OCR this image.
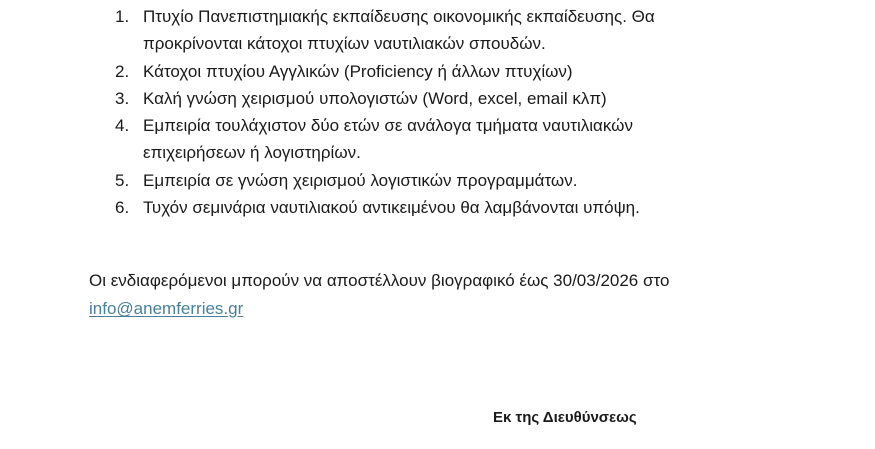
1. Πτυχίο Πανεπιστημιακής εκπαίδευσης οικονομικής εκπαίδευσης. Θα προκρίνονται κάτοχοι πτυχίων ναυτιλιακών σπουδών.
2. Κάτοχοι πτυχίου Αγγλικών (Proficiency ή άλλων πτυχίων)
3. Καλή γνώση χειρισμού υπολογιστών (Word, excel, email κλπ)
4. Εμπειρία τουλάχιστον δύο ετών σε ανάλογα τμήματα ναυτιλιακών επιχειρήσεων ή λογιστηρίων.
5. Εμπειρία σε γνώση χειρισμού λογιστικών προγραμμάτων.
6. Τυχόν σεμινάρια ναυτιλιακού αντικειμένου θα λαμβάνονται υπόψη.

Οι ενδιαφερόμενοι μπορούν να αποστέλλουν βιογραφικό έως 30/03/2026 στο
info@anemferries.gr

Εκ της Διευθύνσεως
